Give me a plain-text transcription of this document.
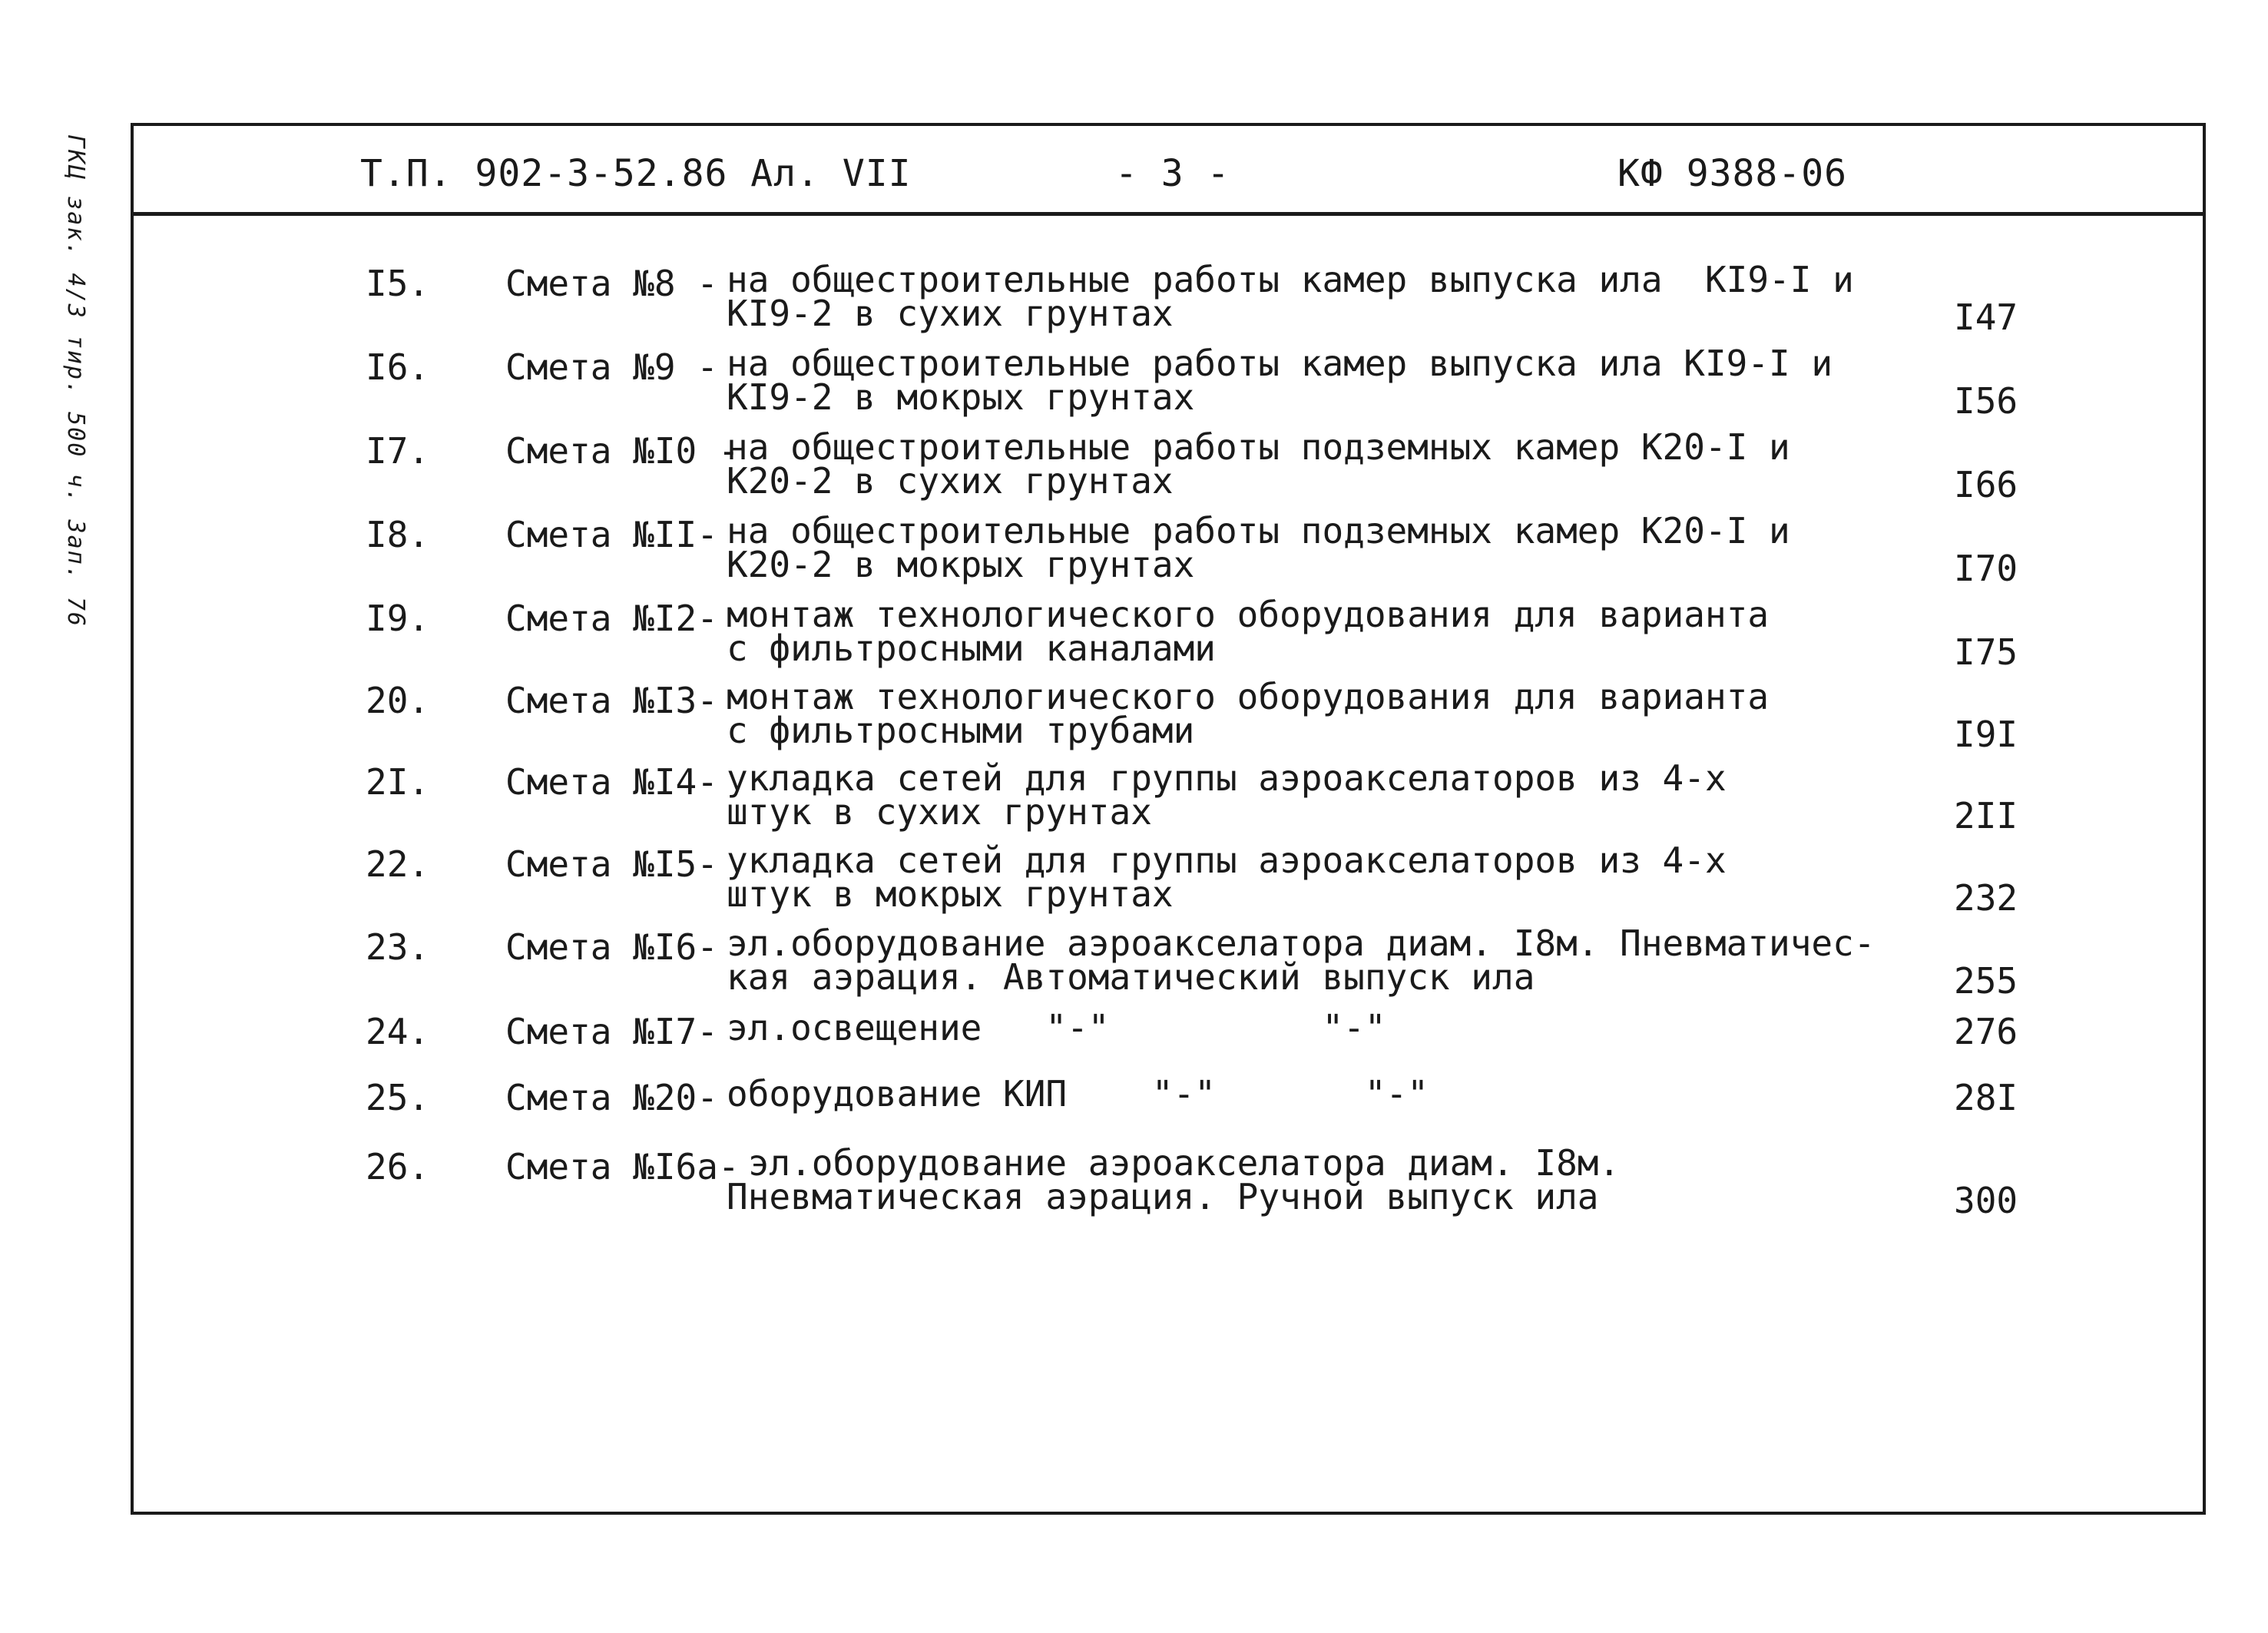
ГКЦ зак. 4/3 тир. 500 ч. 3ап. 76	Т.П. 902-3-52.86 Ал. VII	- 3 -	КФ 9388-06
I5. Смета №8 - на общестроительные работы камер выпуска ила  KI9-I и
KI9-2 в сухих грунтах	I47
I6. Смета №9 - на общестроительные работы камер выпуска ила KI9-I и
KI9-2 в мокрых грунтах	I56
I7. Смета №I0 -
на общестроительные работы подземных камер К20-I и
К20-2 в сухих грунтах	I66
I8. Смета №II- на общестроительные работы подземных камер К20-I и
К20-2 в мокрых грунтах	I70
I9. Смета №I2- монтаж технологического оборудования для варианта
с фильтросными каналами	I75
20. Смета №I3- монтаж технологического оборудования для варианта
с фильтросными трубами	I9I
2I. Смета №I4- укладка сетей для группы аэроакселаторов из 4-х
штук в сухих грунтах	2II
22. Смета №I5- укладка сетей для группы аэроакселаторов из 4-х
штук в мокрых грунтах	232
23. Смета №I6- эл.оборудование аэроакселатора диам. I8м. Пневматичес-
кая аэрация. Автоматический выпуск ила	255
24. Смета №I7- эл.освещение   "-"          "-"	276
25. Смета №20- оборудование КИП    "-"       "-"	28I
26. Смета №I6а- эл.оборудование аэроакселатора диам. I8м.
Пневматическая аэрация. Ручной выпуск ила	300
